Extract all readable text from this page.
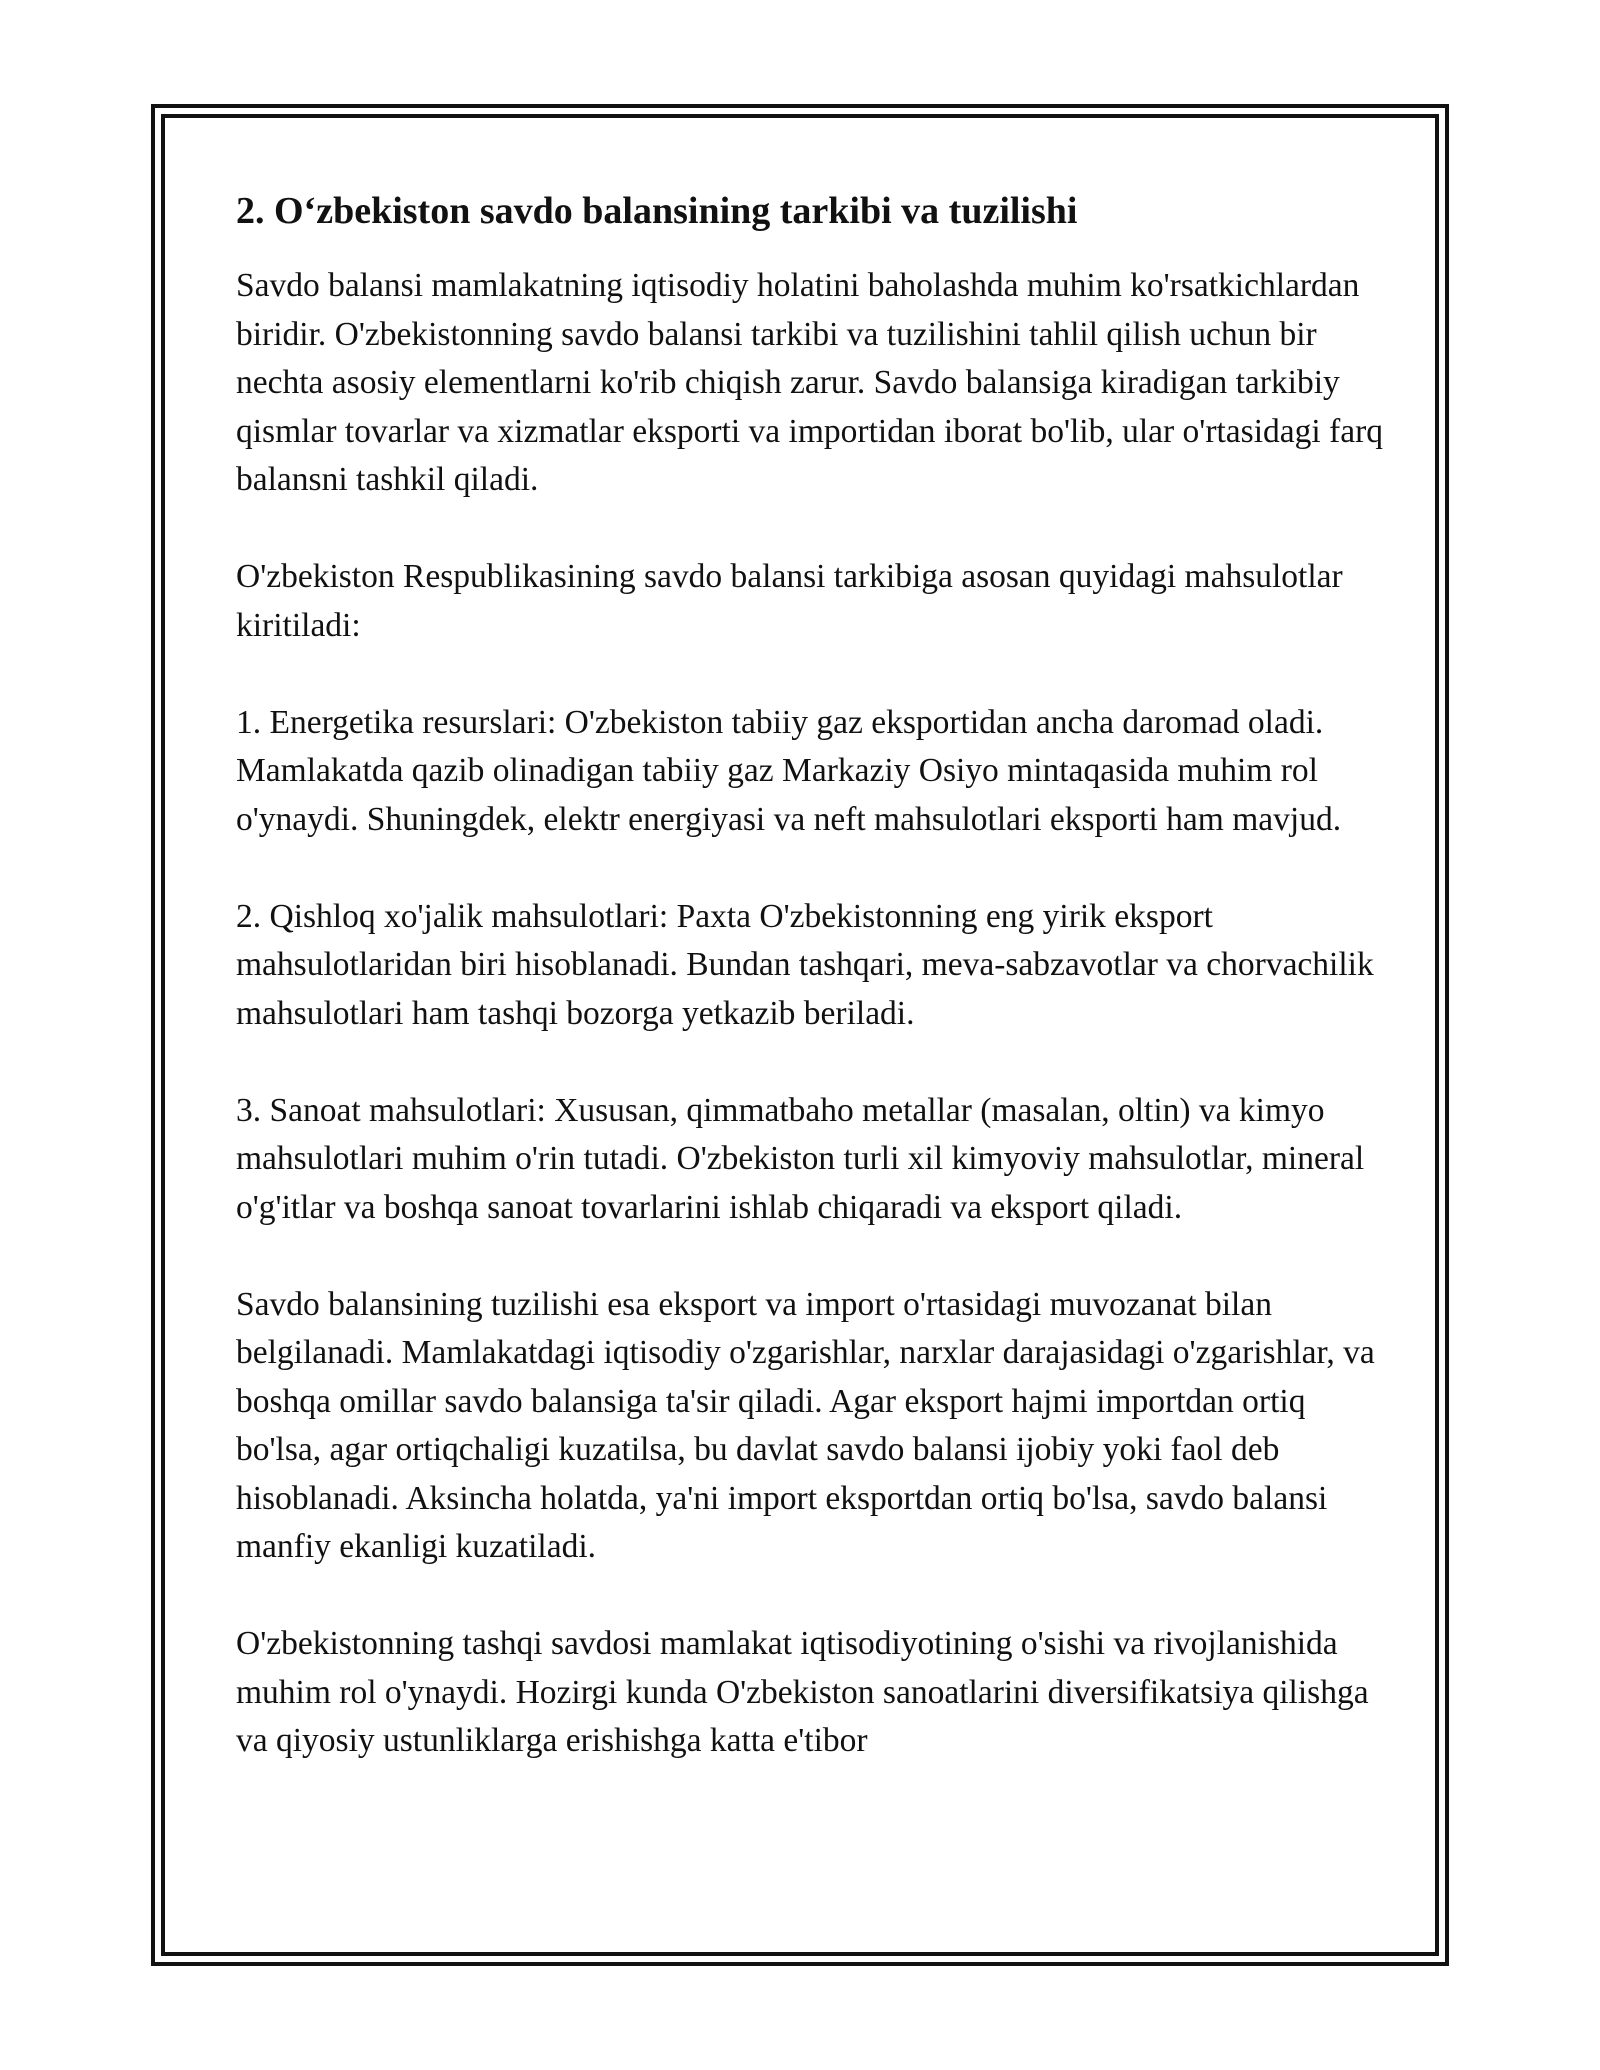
2. O‘zbekiston savdo balansining tarkibi va tuzilishi

Savdo balansi mamlakatning iqtisodiy holatini baholashda muhim ko'rsatkichlardan biridir. O'zbekistonning savdo balansi tarkibi va tuzilishini tahlil qilish uchun bir nechta asosiy elementlarni ko'rib chiqish zarur. Savdo balansiga kiradigan tarkibiy qismlar tovarlar va xizmatlar eksporti va importidan iborat bo'lib, ular o'rtasidagi farq balansni tashkil qiladi.

O'zbekiston Respublikasining savdo balansi tarkibiga asosan quyidagi mahsulotlar kiritiladi:

1. Energetika resurslari: O'zbekiston tabiiy gaz eksportidan ancha daromad oladi. Mamlakatda qazib olinadigan tabiiy gaz Markaziy Osiyo mintaqasida muhim rol o'ynaydi. Shuningdek, elektr energiyasi va neft mahsulotlari eksporti ham mavjud.

2. Qishloq xo'jalik mahsulotlari: Paxta O'zbekistonning eng yirik eksport mahsulotlaridan biri hisoblanadi. Bundan tashqari, meva-sabzavotlar va chorvachilik mahsulotlari ham tashqi bozorga yetkazib beriladi.

3. Sanoat mahsulotlari: Xususan, qimmatbaho metallar (masalan, oltin) va kimyo mahsulotlari muhim o'rin tutadi. O'zbekiston turli xil kimyoviy mahsulotlar, mineral o'g'itlar va boshqa sanoat tovarlarini ishlab chiqaradi va eksport qiladi.

Savdo balansining tuzilishi esa eksport va import o'rtasidagi muvozanat bilan belgilanadi. Mamlakatdagi iqtisodiy o'zgarishlar, narxlar darajasidagi o'zgarishlar, va boshqa omillar savdo balansiga ta'sir qiladi. Agar eksport hajmi importdan ortiq bo'lsa, agar ortiqchaligi kuzatilsa, bu davlat savdo balansi ijobiy yoki faol deb hisoblanadi. Aksincha holatda, ya'ni import eksportdan ortiq bo'lsa, savdo balansi manfiy ekanligi kuzatiladi.

O'zbekistonning tashqi savdosi mamlakat iqtisodiyotining o'sishi va rivojlanishida muhim rol o'ynaydi. Hozirgi kunda O'zbekiston sanoatlarini diversifikatsiya qilishga va qiyosiy ustunliklarga erishishga katta e'tibor
